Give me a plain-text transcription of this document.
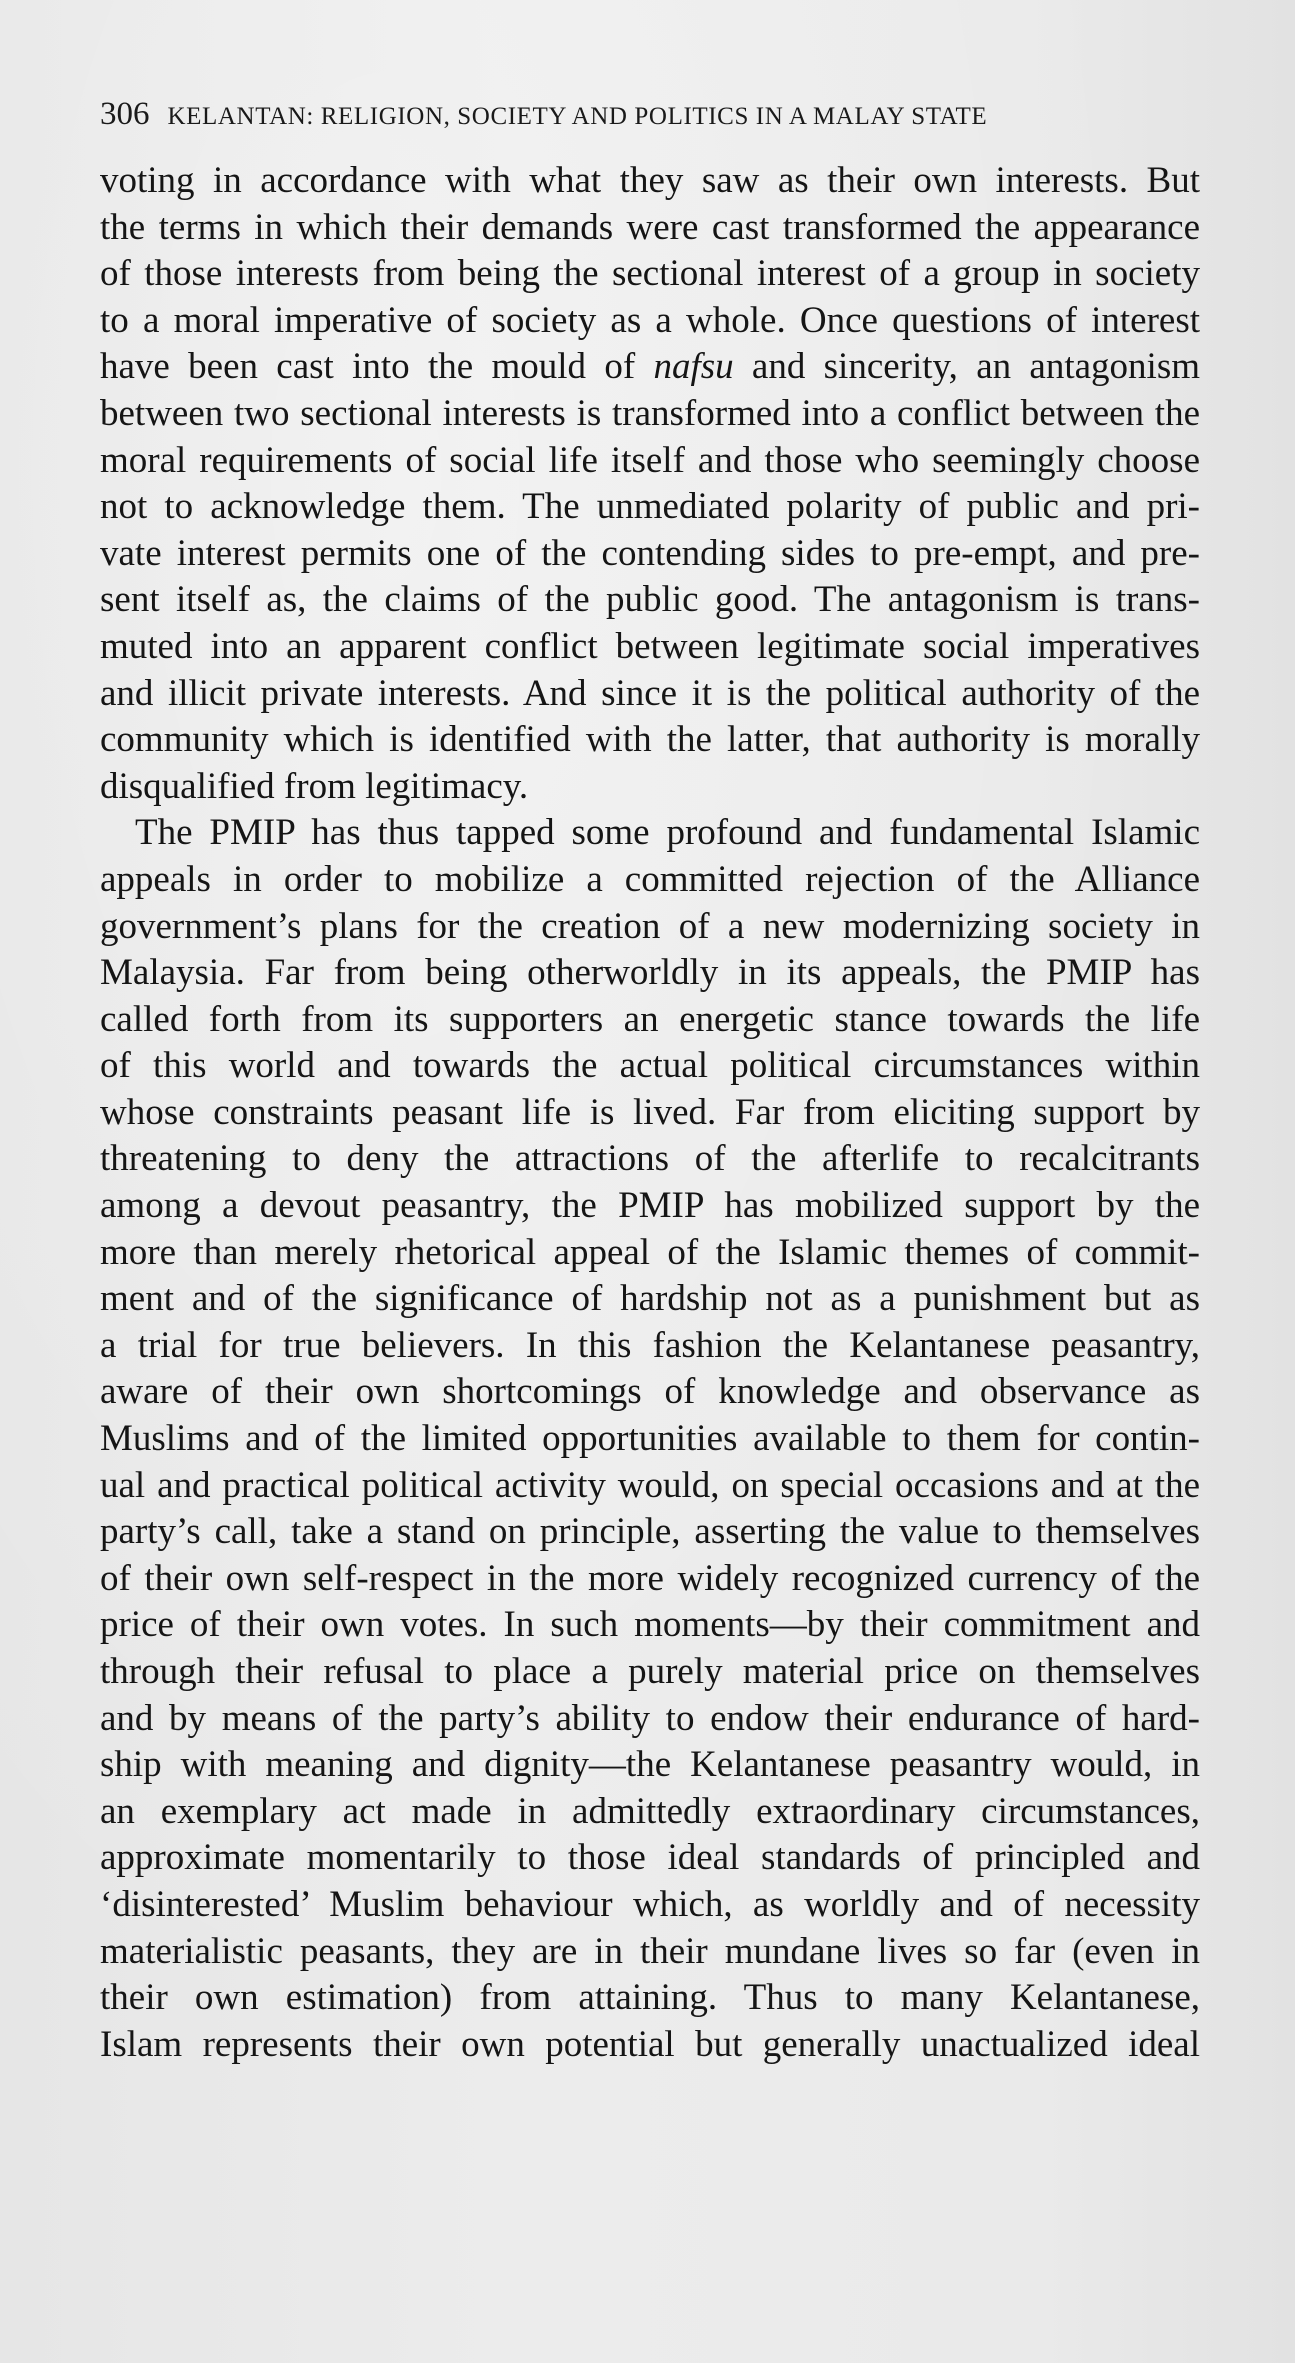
306 KELANTAN: RELIGION, SOCIETY AND POLITICS IN A MALAY STATE
voting in accordance with what they saw as their own interests. But
the terms in which their demands were cast transformed the appearance
of those interests from being the sectional interest of a group in society
to a moral imperative of society as a whole. Once questions of interest
have been cast into the mould of nafsu and sincerity, an antagonism
between two sectional interests is transformed into a conflict between the
moral requirements of social life itself and those who seemingly choose
not to acknowledge them. The unmediated polarity of public and pri-
vate interest permits one of the contending sides to pre-empt, and pre-
sent itself as, the claims of the public good. The antagonism is trans-
muted into an apparent conflict between legitimate social imperatives
and illicit private interests. And since it is the political authority of the
community which is identified with the latter, that authority is morally
disqualified from legitimacy.
The PMIP has thus tapped some profound and fundamental Islamic
appeals in order to mobilize a committed rejection of the Alliance
government’s plans for the creation of a new modernizing society in
Malaysia. Far from being otherworldly in its appeals, the PMIP has
called forth from its supporters an energetic stance towards the life
of this world and towards the actual political circumstances within
whose constraints peasant life is lived. Far from eliciting support by
threatening to deny the attractions of the afterlife to recalcitrants
among a devout peasantry, the PMIP has mobilized support by the
more than merely rhetorical appeal of the Islamic themes of commit-
ment and of the significance of hardship not as a punishment but as
a trial for true believers. In this fashion the Kelantanese peasantry,
aware of their own shortcomings of knowledge and observance as
Muslims and of the limited opportunities available to them for contin-
ual and practical political activity would, on special occasions and at the
party’s call, take a stand on principle, asserting the value to themselves
of their own self-respect in the more widely recognized currency of the
price of their own votes. In such moments—by their commitment and
through their refusal to place a purely material price on themselves
and by means of the party’s ability to endow their endurance of hard-
ship with meaning and dignity—the Kelantanese peasantry would, in
an exemplary act made in admittedly extraordinary circumstances,
approximate momentarily to those ideal standards of principled and
‘disinterested’ Muslim behaviour which, as worldly and of necessity
materialistic peasants, they are in their mundane lives so far (even in
their own estimation) from attaining. Thus to many Kelantanese,
Islam represents their own potential but generally unactualized ideal
